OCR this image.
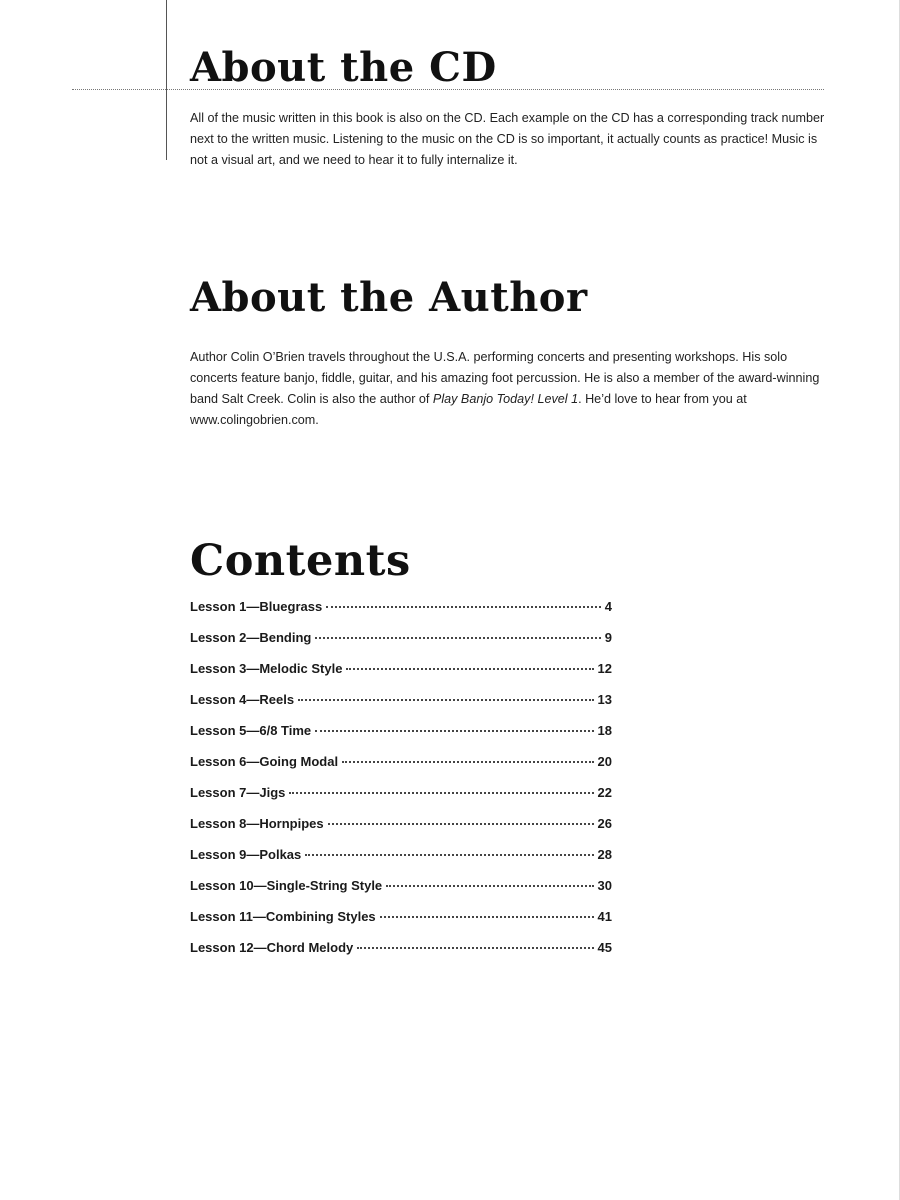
About the CD

All of the music written in this book is also on the CD. Each example on the CD has a corresponding track number next to the written music. Listening to the music on the CD is so important, it actually counts as practice! Music is not a visual art, and we need to hear it to fully internalize it.

About the Author

Author Colin O’Brien travels throughout the U.S.A. performing concerts and presenting workshops. His solo concerts feature banjo, fiddle, guitar, and his amazing foot percussion. He is also a member of the award-winning band Salt Creek. Colin is also the author of Play Banjo Today! Level 1. He’d love to hear from you at www.colingobrien.com.

Contents
Lesson 1—Bluegrass	4
Lesson 2—Bending	9
Lesson 3—Melodic Style	12
Lesson 4—Reels	13
Lesson 5—6/8 Time	18
Lesson 6—Going Modal	20
Lesson 7—Jigs	22
Lesson 8—Hornpipes	26
Lesson 9—Polkas	28
Lesson 10—Single-String Style	30
Lesson 11—Combining Styles	41
Lesson 12—Chord Melody	45
